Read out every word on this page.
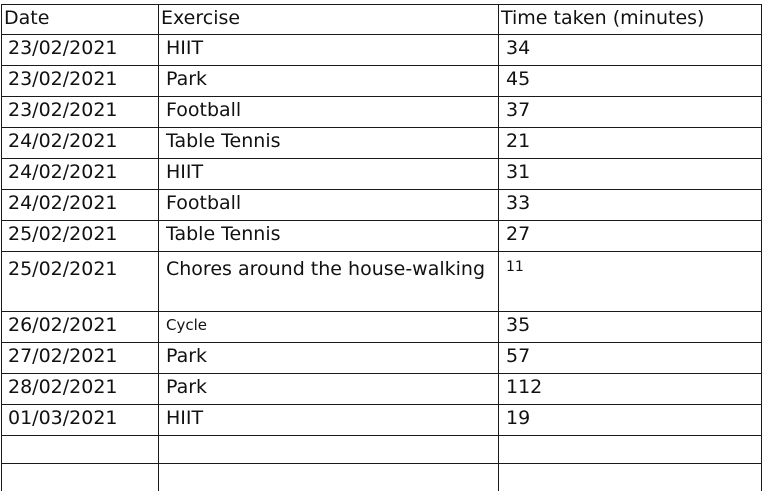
Date	Exercise	Time taken (minutes)
23/02/2021	HIIT	34
23/02/2021	Park	45
23/02/2021	Football	37
24/02/2021	Table Tennis	21
24/02/2021	HIIT	31
24/02/2021	Football	33
25/02/2021	Table Tennis	27
25/02/2021	Chores around the house-walking	11
26/02/2021	Cycle	35
27/02/2021	Park	57
28/02/2021	Park	112
01/03/2021	HIIT	19
